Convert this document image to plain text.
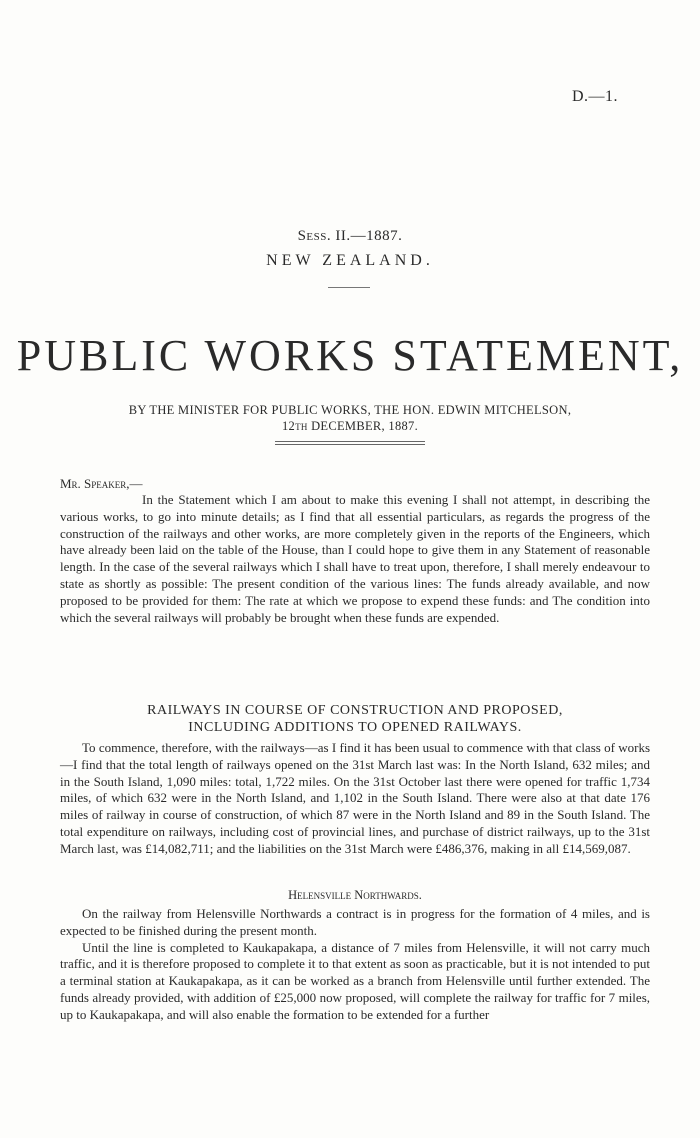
D.—1.
Sess. II.—1887.
NEW ZEALAND.
PUBLIC WORKS STATEMENT,
BY THE MINISTER FOR PUBLIC WORKS, THE HON. EDWIN MITCHELSON,
12th DECEMBER, 1887.
Mr. Speaker,—

In the Statement which I am about to make this evening I shall not attempt, in describing the various works, to go into minute details; as I find that all essential particulars, as regards the progress of the construction of the railways and other works, are more completely given in the reports of the Engineers, which have already been laid on the table of the House, than I could hope to give them in any Statement of reasonable length. In the case of the several railways which I shall have to treat upon, therefore, I shall merely endeavour to state as shortly as possible: The present condition of the various lines: The funds already available, and now proposed to be provided for them: The rate at which we propose to expend these funds: and The condition into which the several railways will probably be brought when these funds are expended.

RAILWAYS IN COURSE OF CONSTRUCTION AND PROPOSED,
INCLUDING ADDITIONS TO OPENED RAILWAYS.

To commence, therefore, with the railways—as I find it has been usual to commence with that class of works—I find that the total length of railways opened on the 31st March last was: In the North Island, 632 miles; and in the South Island, 1,090 miles: total, 1,722 miles. On the 31st October last there were opened for traffic 1,734 miles, of which 632 were in the North Island, and 1,102 in the South Island. There were also at that date 176 miles of railway in course of construction, of which 87 were in the North Island and 89 in the South Island. The total expenditure on railways, including cost of provincial lines, and purchase of district railways, up to the 31st March last, was £14,082,711; and the liabilities on the 31st March were £486,376, making in all £14,569,087.

Helensville Northwards.

On the railway from Helensville Northwards a contract is in progress for the formation of 4 miles, and is expected to be finished during the present month.

Until the line is completed to Kaukapakapa, a distance of 7 miles from Helensville, it will not carry much traffic, and it is therefore proposed to complete it to that extent as soon as practicable, but it is not intended to put a terminal station at Kaukapakapa, as it can be worked as a branch from Helensville until further extended. The funds already provided, with addition of £25,000 now proposed, will complete the railway for traffic for 7 miles, up to Kaukapakapa, and will also enable the formation to be extended for a further
